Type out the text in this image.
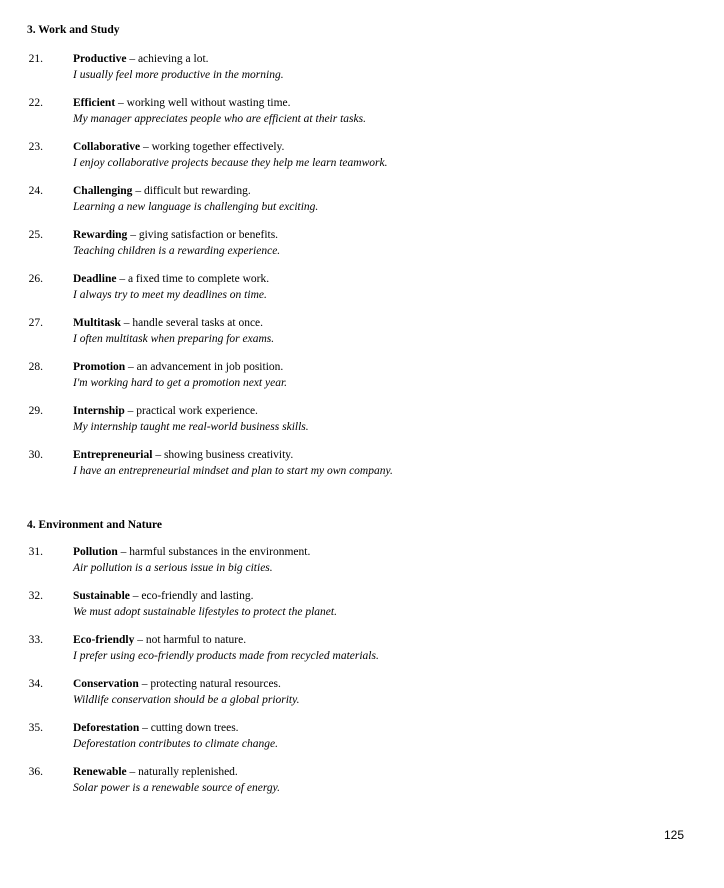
3. Work and Study
21.	Productive – achieving a lot.
I usually feel more productive in the morning.
22.	Efficient – working well without wasting time.
My manager appreciates people who are efficient at their tasks.
23.	Collaborative – working together effectively.
I enjoy collaborative projects because they help me learn teamwork.
24.	Challenging – difficult but rewarding.
Learning a new language is challenging but exciting.
25.	Rewarding – giving satisfaction or benefits.
Teaching children is a rewarding experience.
26.	Deadline – a fixed time to complete work.
I always try to meet my deadlines on time.
27.	Multitask – handle several tasks at once.
I often multitask when preparing for exams.
28.	Promotion – an advancement in job position.
I'm working hard to get a promotion next year.
29.	Internship – practical work experience.
My internship taught me real-world business skills.
30.	Entrepreneurial – showing business creativity.
I have an entrepreneurial mindset and plan to start my own company.
4. Environment and Nature
31.	Pollution – harmful substances in the environment.
Air pollution is a serious issue in big cities.
32.	Sustainable – eco-friendly and lasting.
We must adopt sustainable lifestyles to protect the planet.
33.	Eco-friendly – not harmful to nature.
I prefer using eco-friendly products made from recycled materials.
34.	Conservation – protecting natural resources.
Wildlife conservation should be a global priority.
35.	Deforestation – cutting down trees.
Deforestation contributes to climate change.
36.	Renewable – naturally replenished.
Solar power is a renewable source of energy.
125
